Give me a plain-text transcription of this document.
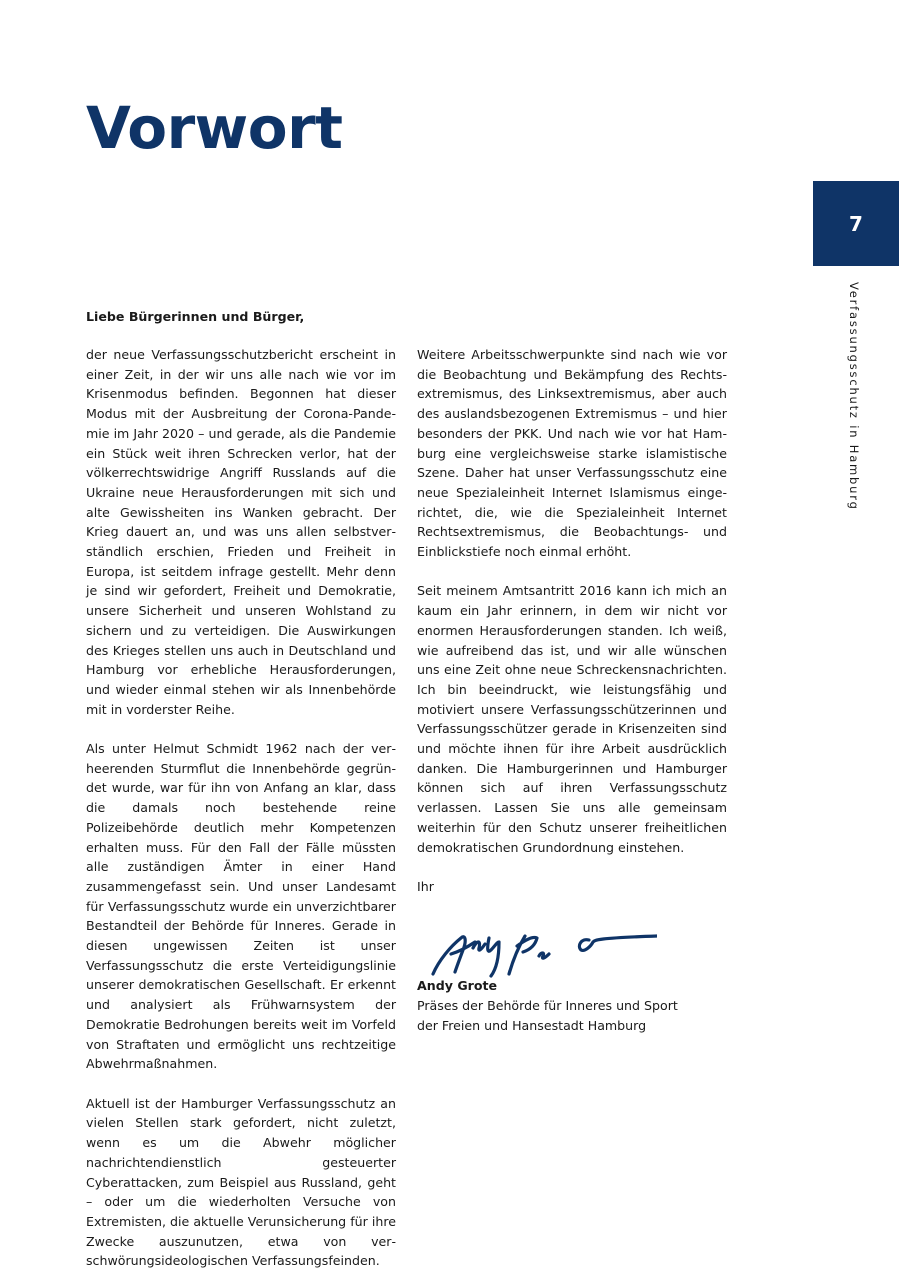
Vorwort
7
Verfassungsschutz in Hamburg

Liebe Bürgerinnen und Bürger,

der neue Verfassungsschutzbericht erscheint in einer Zeit, in der wir uns alle nach wie vor im Krisenmodus befinden. Begonnen hat dieser Modus mit der Ausbreitung der Corona-Pandemie im Jahr 2020 – und gerade, als die Pandemie ein Stück weit ihren Schrecken verlor, hat der völkerrechtswidrige Angriff Russlands auf die Ukraine neue Herausforderungen mit sich und alte Gewissheiten ins Wanken gebracht. Der Krieg dauert an, und was uns allen selbstverständlich erschien, Frieden und Freiheit in Europa, ist seitdem infrage gestellt. Mehr denn je sind wir gefordert, Freiheit und Demokratie, unsere Sicherheit und unseren Wohlstand zu sichern und zu verteidigen. Die Auswirkungen des Krieges stellen uns auch in Deutschland und Hamburg vor erhebliche Herausforderungen, und wieder einmal stehen wir als Innenbehörde mit in vorderster Reihe.

Als unter Helmut Schmidt 1962 nach der verheerenden Sturmflut die Innenbehörde gegründet wurde, war für ihn von Anfang an klar, dass die damals noch bestehende reine Polizeibehörde deutlich mehr Kompetenzen erhalten muss. Für den Fall der Fälle müssten alle zuständigen Ämter in einer Hand zusammengefasst sein. Und unser Landesamt für Verfassungsschutz wurde ein unverzichtbarer Bestandteil der Behörde für Inneres. Gerade in diesen ungewissen Zeiten ist unser Verfassungsschutz die erste Verteidigungslinie unserer demokratischen Gesellschaft. Er erkennt und analysiert als Frühwarnsystem der Demokratie Bedrohungen bereits weit im Vorfeld von Straftaten und ermöglicht uns rechtzeitige Abwehrmaßnahmen.

Aktuell ist der Hamburger Verfassungsschutz an vielen Stellen stark gefordert, nicht zuletzt, wenn es um die Abwehr möglicher nachrichtendienstlich gesteuerter Cyberattacken, zum Beispiel aus Russland, geht – oder um die wiederholten Versuche von Extremisten, die aktuelle Verunsicherung für ihre Zwecke auszunutzen, etwa von verschwörungsideologischen Verfassungsfeinden.

Weitere Arbeitsschwerpunkte sind nach wie vor die Beobachtung und Bekämpfung des Rechtsextremismus, des Linksextremismus, aber auch des auslandsbezogenen Extremismus – und hier besonders der PKK. Und nach wie vor hat Hamburg eine vergleichsweise starke islamistische Szene. Daher hat unser Verfassungsschutz eine neue Spezialeinheit Internet Islamismus eingerichtet, die, wie die Spezialeinheit Internet Rechtsextremismus, die Beobachtungs- und Einblickstiefe noch einmal erhöht.

Seit meinem Amtsantritt 2016 kann ich mich an kaum ein Jahr erinnern, in dem wir nicht vor enormen Herausforderungen standen. Ich weiß, wie aufreibend das ist, und wir alle wünschen uns eine Zeit ohne neue Schreckensnachrichten. Ich bin beeindruckt, wie leistungsfähig und motiviert unsere Verfassungsschützerinnen und Verfassungsschützer gerade in Krisenzeiten sind und möchte ihnen für ihre Arbeit ausdrücklich danken. Die Hamburgerinnen und Hamburger können sich auf ihren Verfassungsschutz verlassen. Lassen Sie uns alle gemeinsam weiterhin für den Schutz unserer freiheitlichen demokratischen Grundordnung einstehen.

Ihr

Andy Grote
Präses der Behörde für Inneres und Sport
der Freien und Hansestadt Hamburg
